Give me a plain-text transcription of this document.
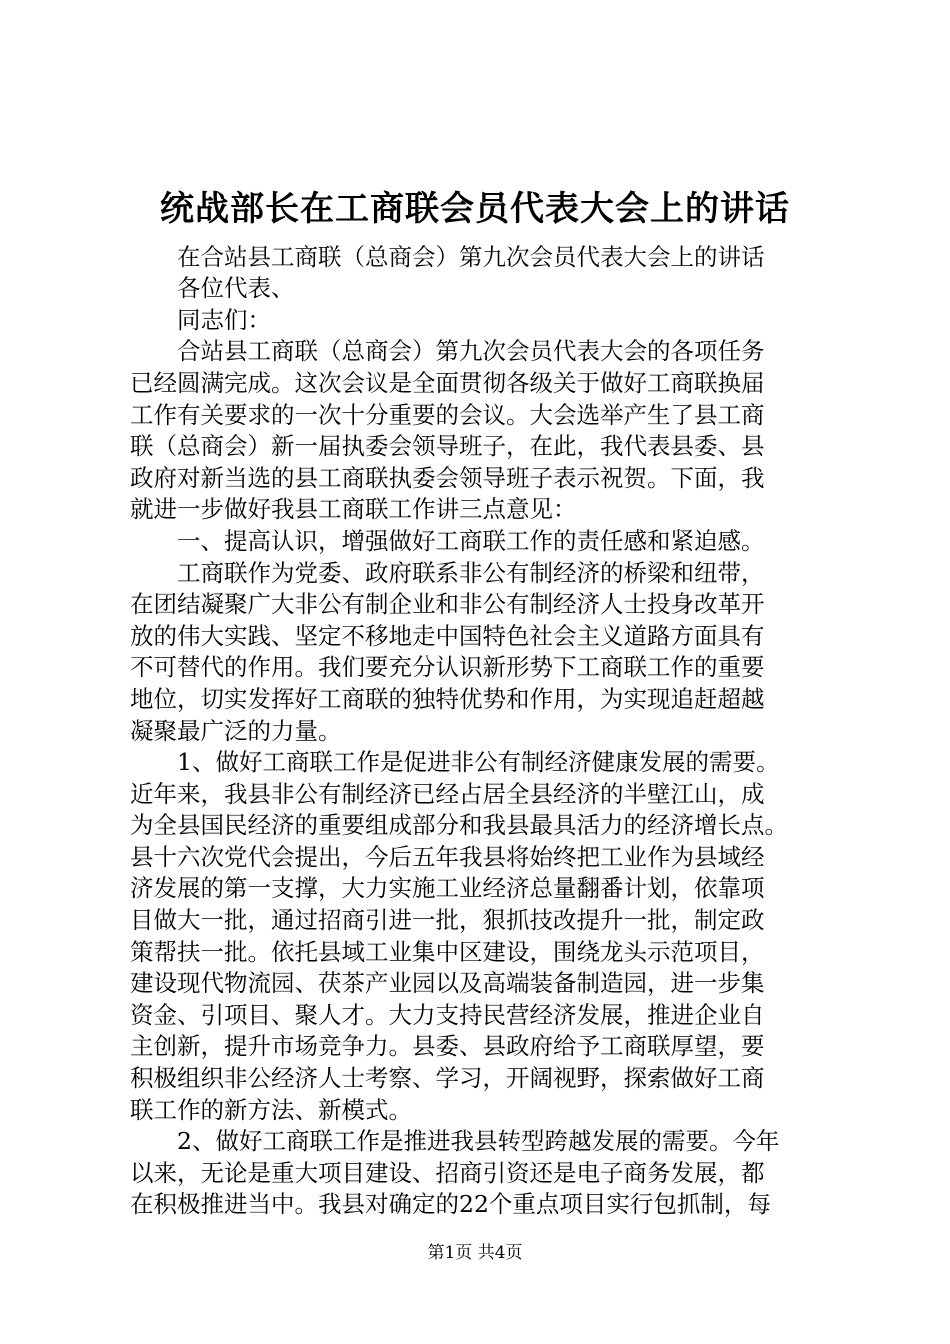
统战部长在工商联会员代表大会上的讲话
　　在合站县工商联（总商会）第九次会员代表大会上的讲话
　　各位代表、
　　同志们：
　　合站县工商联（总商会）第九次会员代表大会的各项任务
已经圆满完成。这次会议是全面贯彻各级关于做好工商联换届
工作有关要求的一次十分重要的会议。大会选举产生了县工商
联（总商会）新一届执委会领导班子，在此，我代表县委、县
政府对新当选的县工商联执委会领导班子表示祝贺。下面，我
就进一步做好我县工商联工作讲三点意见：
　　一、提高认识，增强做好工商联工作的责任感和紧迫感。
　　工商联作为党委、政府联系非公有制经济的桥梁和纽带，
在团结凝聚广大非公有制企业和非公有制经济人士投身改革开
放的伟大实践、坚定不移地走中国特色社会主义道路方面具有
不可替代的作用。我们要充分认识新形势下工商联工作的重要
地位，切实发挥好工商联的独特优势和作用，为实现追赶超越
凝聚最广泛的力量。
　　1、做好工商联工作是促进非公有制经济健康发展的需要。
近年来，我县非公有制经济已经占居全县经济的半壁江山，成
为全县国民经济的重要组成部分和我县最具活力的经济增长点。
县十六次党代会提出，今后五年我县将始终把工业作为县域经
济发展的第一支撑，大力实施工业经济总量翻番计划，依靠项
目做大一批，通过招商引进一批，狠抓技改提升一批，制定政
策帮扶一批。依托县域工业集中区建设，围绕龙头示范项目，
建设现代物流园、茯茶产业园以及高端装备制造园，进一步集
资金、引项目、聚人才。大力支持民营经济发展，推进企业自
主创新，提升市场竞争力。县委、县政府给予工商联厚望，要
积极组织非公经济人士考察、学习，开阔视野，探索做好工商
联工作的新方法、新模式。
　　2、做好工商联工作是推进我县转型跨越发展的需要。今年
以来，无论是重大项目建设、招商引资还是电子商务发展，都
在积极推进当中。我县对确定的22个重点项目实行包抓制，每
第1页 共4页
